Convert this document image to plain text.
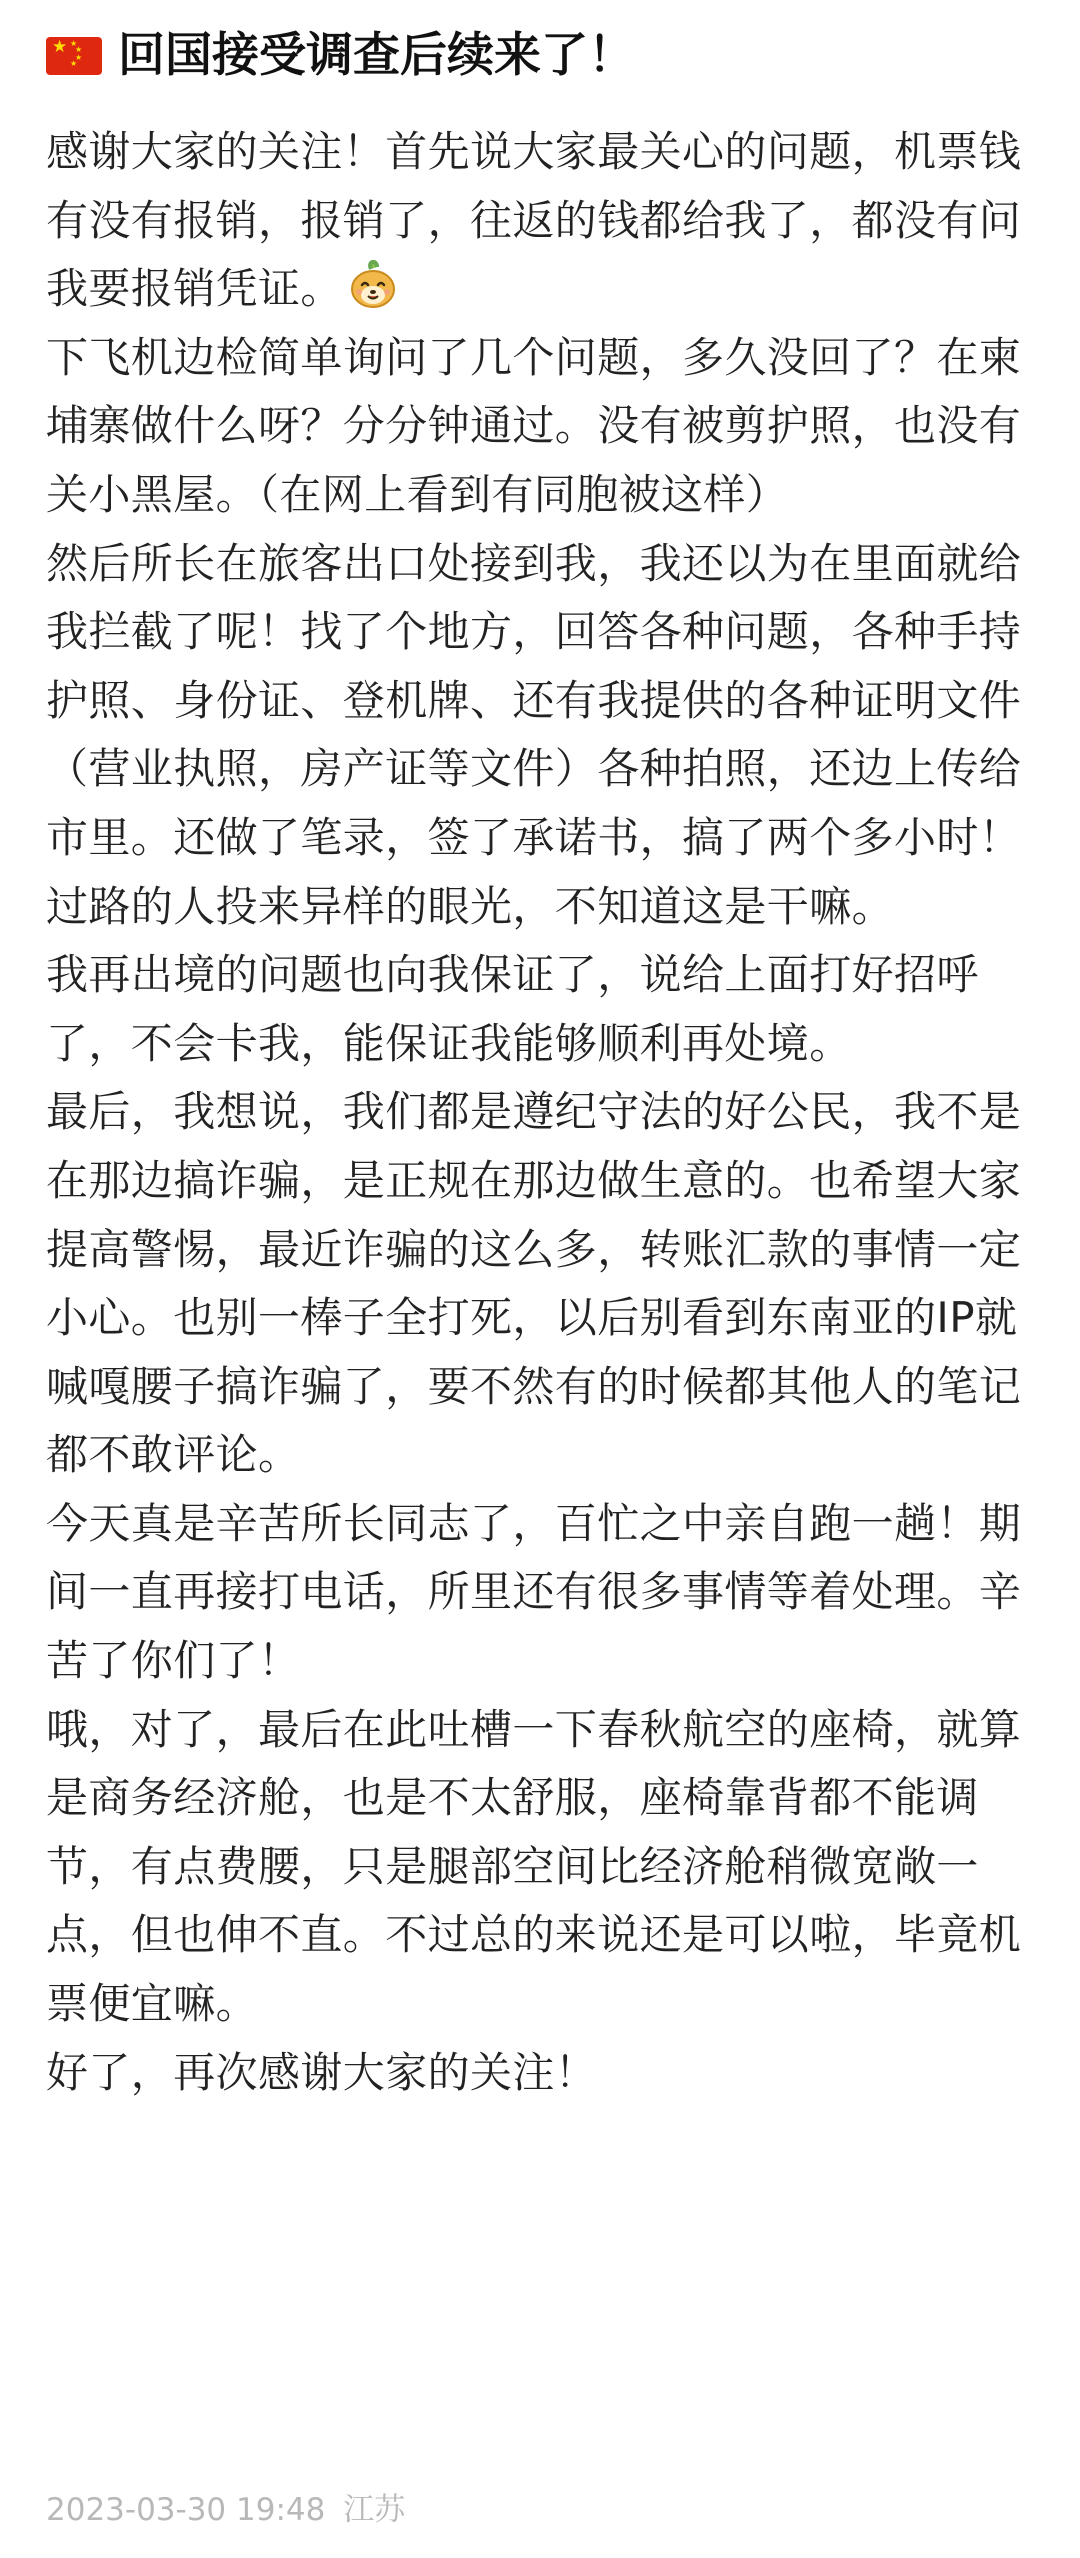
★ ★
★
★
★ 回国接受调查后续来了！

感谢大家的关注！首先说大家最关心的问题，机票钱有没有报销，报销了，往返的钱都给我了，都没有问我要报销凭证。

下飞机边检简单询问了几个问题，多久没回了？在柬埔寨做什么呀？分分钟通过。没有被剪护照，也没有关小黑屋。（在网上看到有同胞被这样）

然后所长在旅客出口处接到我，我还以为在里面就给我拦截了呢！找了个地方，回答各种问题，各种手持护照、身份证、登机牌、还有我提供的各种证明文件（营业执照，房产证等文件）各种拍照，还边上传给市里。还做了笔录，签了承诺书，搞了两个多小时！过路的人投来异样的眼光，不知道这是干嘛。

我再出境的问题也向我保证了，说给上面打好招呼了，不会卡我，能保证我能够顺利再处境。

最后，我想说，我们都是遵纪守法的好公民，我不是在那边搞诈骗，是正规在那边做生意的。也希望大家提高警惕，最近诈骗的这么多，转账汇款的事情一定小心。也别一棒子全打死，以后别看到东南亚的IP就喊嘎腰子搞诈骗了，要不然有的时候都其他人的笔记都不敢评论。

今天真是辛苦所长同志了，百忙之中亲自跑一趟！期间一直再接打电话，所里还有很多事情等着处理。辛苦了你们了！

哦，对了，最后在此吐槽一下春秋航空的座椅，就算是商务经济舱，也是不太舒服，座椅靠背都不能调节，有点费腰，只是腿部空间比经济舱稍微宽敞一点，但也伸不直。不过总的来说还是可以啦，毕竟机票便宜嘛。

好了，再次感谢大家的关注！

2023-03-30 19:48 江苏
